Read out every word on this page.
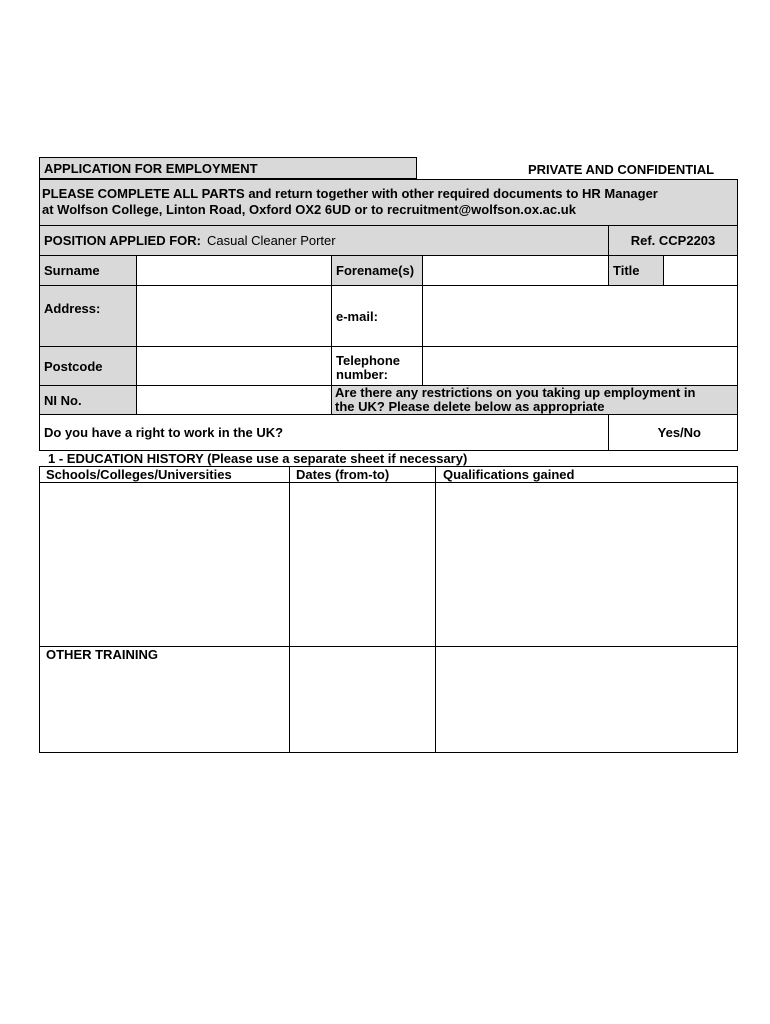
APPLICATION FOR EMPLOYMENT	PRIVATE AND CONFIDENTIAL
PLEASE COMPLETE ALL PARTS and return together with other required documents to HR Manager
at Wolfson College, Linton Road, Oxford OX2 6UD or to recruitment@wolfson.ox.ac.uk
POSITION APPLIED FOR: Casual Cleaner Porter	Ref. CCP2203
Surname	Forename(s)	Title
Address:	e-mail:
Postcode	Telephone
number:
NI No.	Are there any restrictions on you taking up employment in
the UK? Please delete below as appropriate
Do you have a right to work in the UK?	Yes/No
1 - EDUCATION HISTORY (Please use a separate sheet if necessary)
Schools/Colleges/Universities	Dates (from-to)	Qualifications gained
OTHER TRAINING
